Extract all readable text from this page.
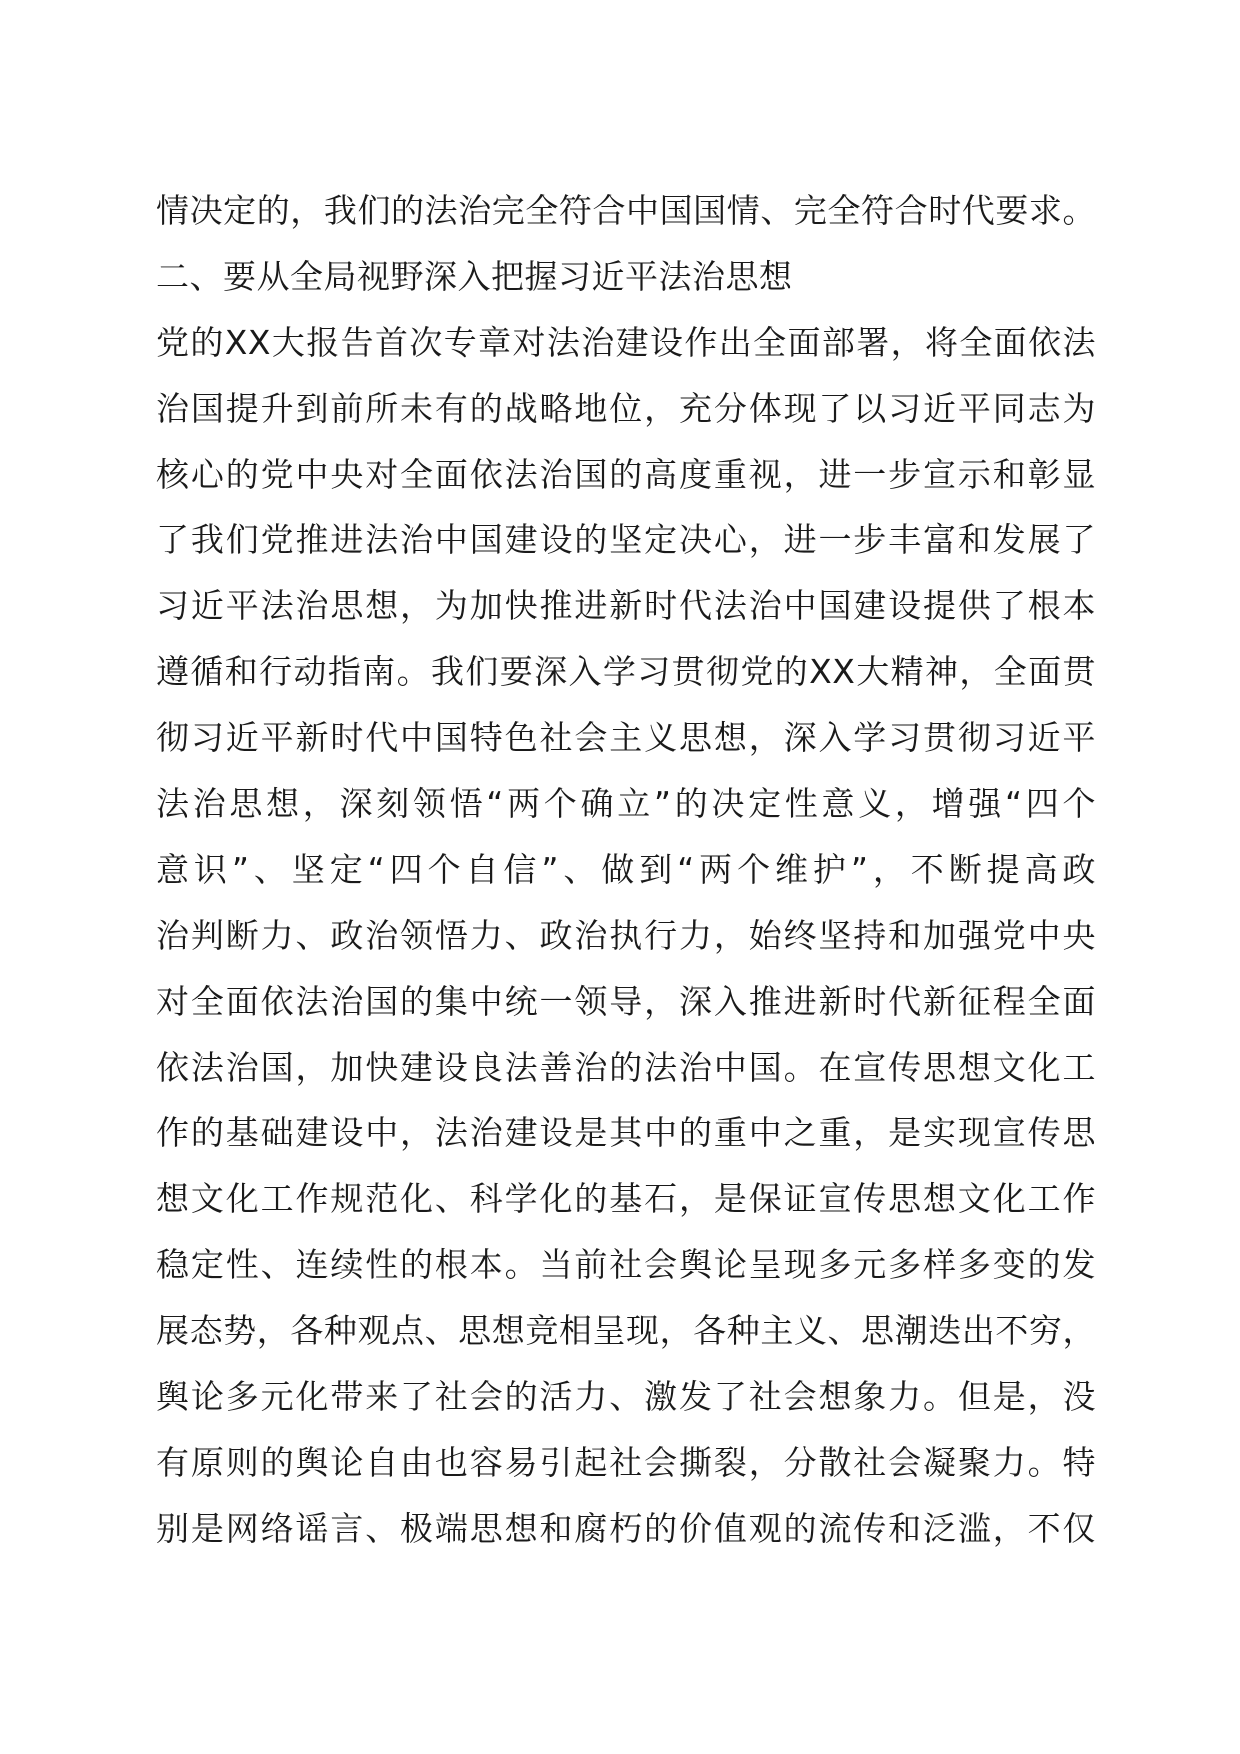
情决定的，我们的法治完全符合中国国情、完全符合时代要求。
二、要从全局视野深入把握习近平法治思想
党的XX大报告首次专章对法治建设作出全面部署，将全面依法
治国提升到前所未有的战略地位，充分体现了以习近平同志为
核心的党中央对全面依法治国的高度重视，进一步宣示和彰显
了我们党推进法治中国建设的坚定决心，进一步丰富和发展了
习近平法治思想，为加快推进新时代法治中国建设提供了根本
遵循和行动指南。我们要深入学习贯彻党的XX大精神，全面贯
彻习近平新时代中国特色社会主义思想，深入学习贯彻习近平
法治思想，深刻领悟“两个确立”的决定性意义，增强“四个
意识”、坚定“四个自信”、做到“两个维护”，不断提高政
治判断力、政治领悟力、政治执行力，始终坚持和加强党中央
对全面依法治国的集中统一领导，深入推进新时代新征程全面
依法治国，加快建设良法善治的法治中国。在宣传思想文化工
作的基础建设中，法治建设是其中的重中之重，是实现宣传思
想文化工作规范化、科学化的基石，是保证宣传思想文化工作
稳定性、连续性的根本。当前社会舆论呈现多元多样多变的发
展态势，各种观点、思想竞相呈现，各种主义、思潮迭出不穷，
舆论多元化带来了社会的活力、激发了社会想象力。但是，没
有原则的舆论自由也容易引起社会撕裂，分散社会凝聚力。特
别是网络谣言、极端思想和腐朽的价值观的流传和泛滥，不仅
